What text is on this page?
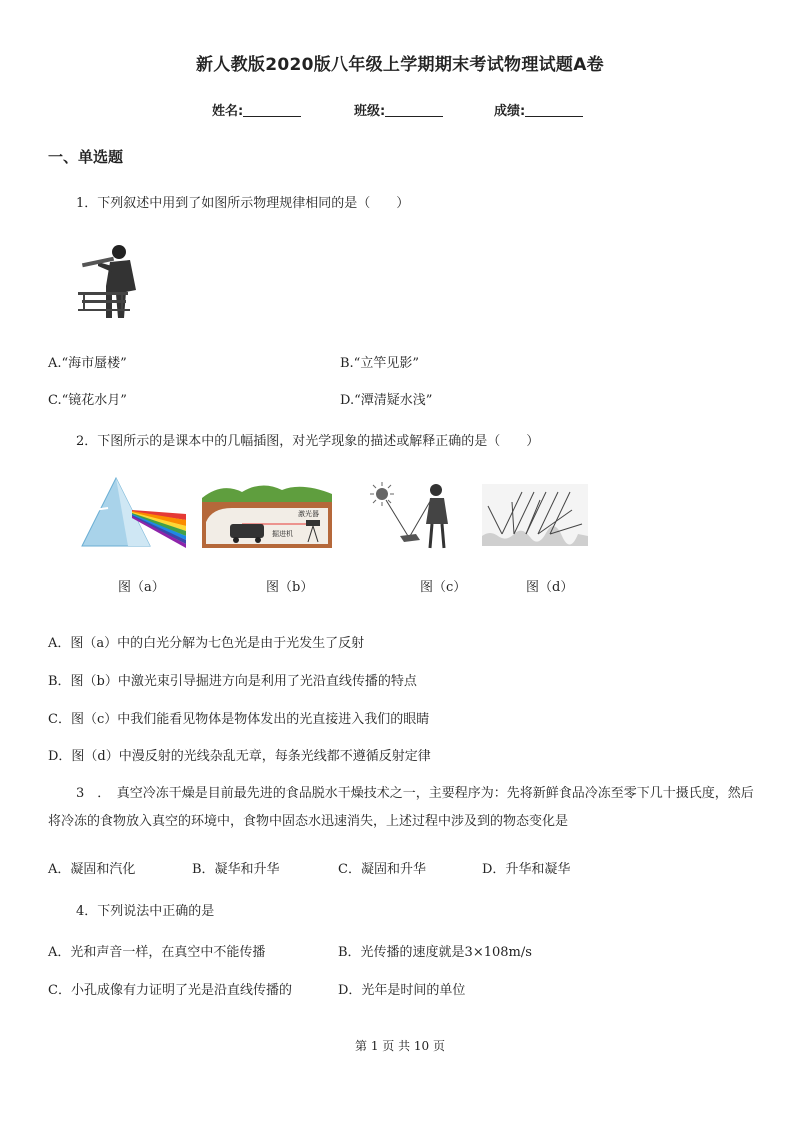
新人教版2020版八年级上学期期末考试物理试题A卷
姓名:	班级:	成绩:
一、单选题
1．下列叙述中用到了如图所示物理规律相同的是（　　）
A.“海市蜃楼”	B.“立竿见影”
C.“镜花水月”	D.“潭清疑水浅”
2．下图所示的是课本中的几幅插图，对光学现象的描述或解释正确的是（　　）
激光器
掘进机
图（a）	图（b）	图（c）	图（d）
A．图（a）中的白光分解为七色光是由于光发生了反射
B．图（b）中激光束引导掘进方向是利用了光沿直线传播的特点
C．图（c）中我们能看见物体是物体发出的光直接进入我们的眼睛
D．图（d）中漫反射的光线杂乱无章，每条光线都不遵循反射定律
3　．　真空冷冻干燥是目前最先进的食品脱水干燥技术之一，主要程序为：先将新鲜食品冷冻至零下几十摄氏度，然后将冷冻的食物放入真空的环境中，食物中固态水迅速消失，上述过程中涉及到的物态变化是
A．凝固和汽化	B．凝华和升华	C．凝固和升华	D．升华和凝华
4．下列说法中正确的是
A．光和声音一样，在真空中不能传播	B．光传播的速度就是3×108m/s
C．小孔成像有力证明了光是沿直线传播的	D．光年是时间的单位
第 1 页 共 10 页
